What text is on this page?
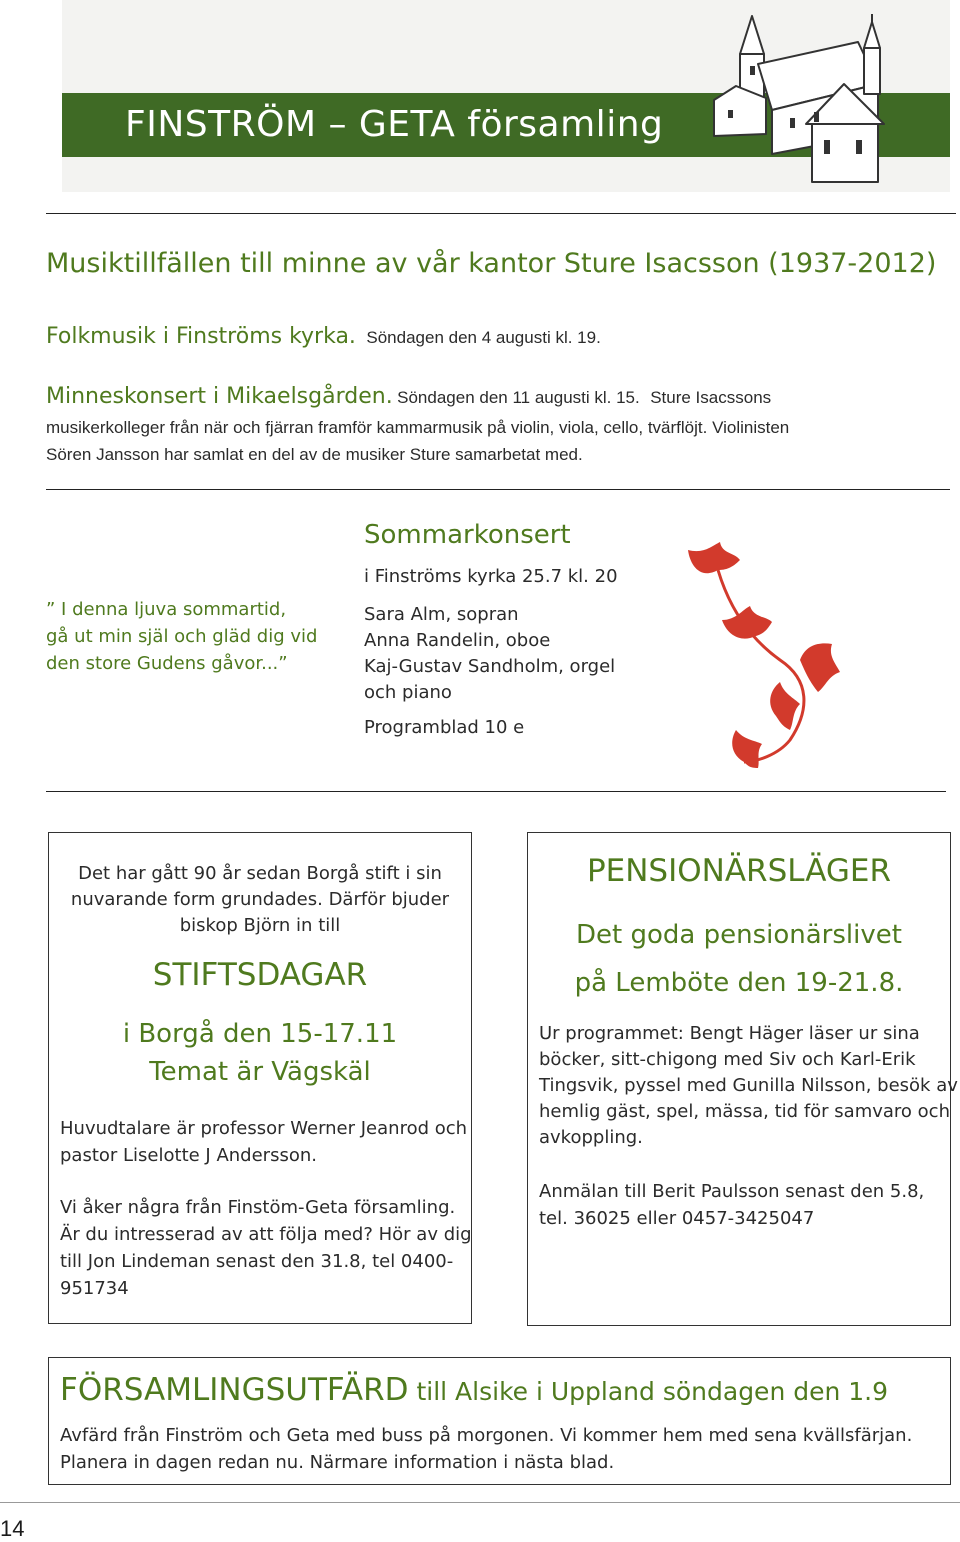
FINSTRÖM – GETA församling
Musiktillfällen till minne av vår kantor Sture Isacsson (1937-2012)
Folkmusik i Finströms kyrka. Söndagen den 4 augusti kl. 19.
Minneskonsert i Mikaelsgården. Söndagen den 11 augusti kl. 15. Sture Isacssons
musikerkolleger från när och fjärran framför kammarmusik på violin, viola, cello, tvärflöjt. Violinisten
Sören Jansson har samlat en del av de musiker Sture samarbetat med.
” I denna ljuva sommartid,
gå ut min själ och gläd dig vid
den store Gudens gåvor...”
Sommarkonsert
i Finströms kyrka 25.7 kl. 20
Sara Alm, sopran
Anna Randelin, oboe
Kaj-Gustav Sandholm, orgel
och piano
Programblad 10 e
Det har gått 90 år sedan Borgå stift i sin
nuvarande form grundades. Därför bjuder
biskop Björn in till
STIFTSDAGAR
i Borgå den 15-17.11
Temat är Vägskäl
Huvudtalare är professor Werner Jeanrod och
pastor Liselotte J Andersson.
Vi åker några från Finstöm-Geta församling.
Är du intresserad av att följa med? Hör av dig
till Jon Lindeman senast den 31.8, tel 0400-
951734
PENSIONÄRSLÄGER
Det goda pensionärslivet
på Lemböte den 19-21.8.
Ur programmet: Bengt Häger läser ur sina
böcker, sitt-chigong med Siv och Karl-Erik
Tingsvik, pyssel med Gunilla Nilsson, besök av
hemlig gäst, spel, mässa, tid för samvaro och
avkoppling.
Anmälan till Berit Paulsson senast den 5.8,
tel. 36025 eller 0457-3425047
FÖRSAMLINGSUTFÄRD till Alsike i Uppland söndagen den 1.9
Avfärd från Finström och Geta med buss på morgonen. Vi kommer hem med sena kvällsfärjan.
Planera in dagen redan nu. Närmare information i nästa blad.
14
